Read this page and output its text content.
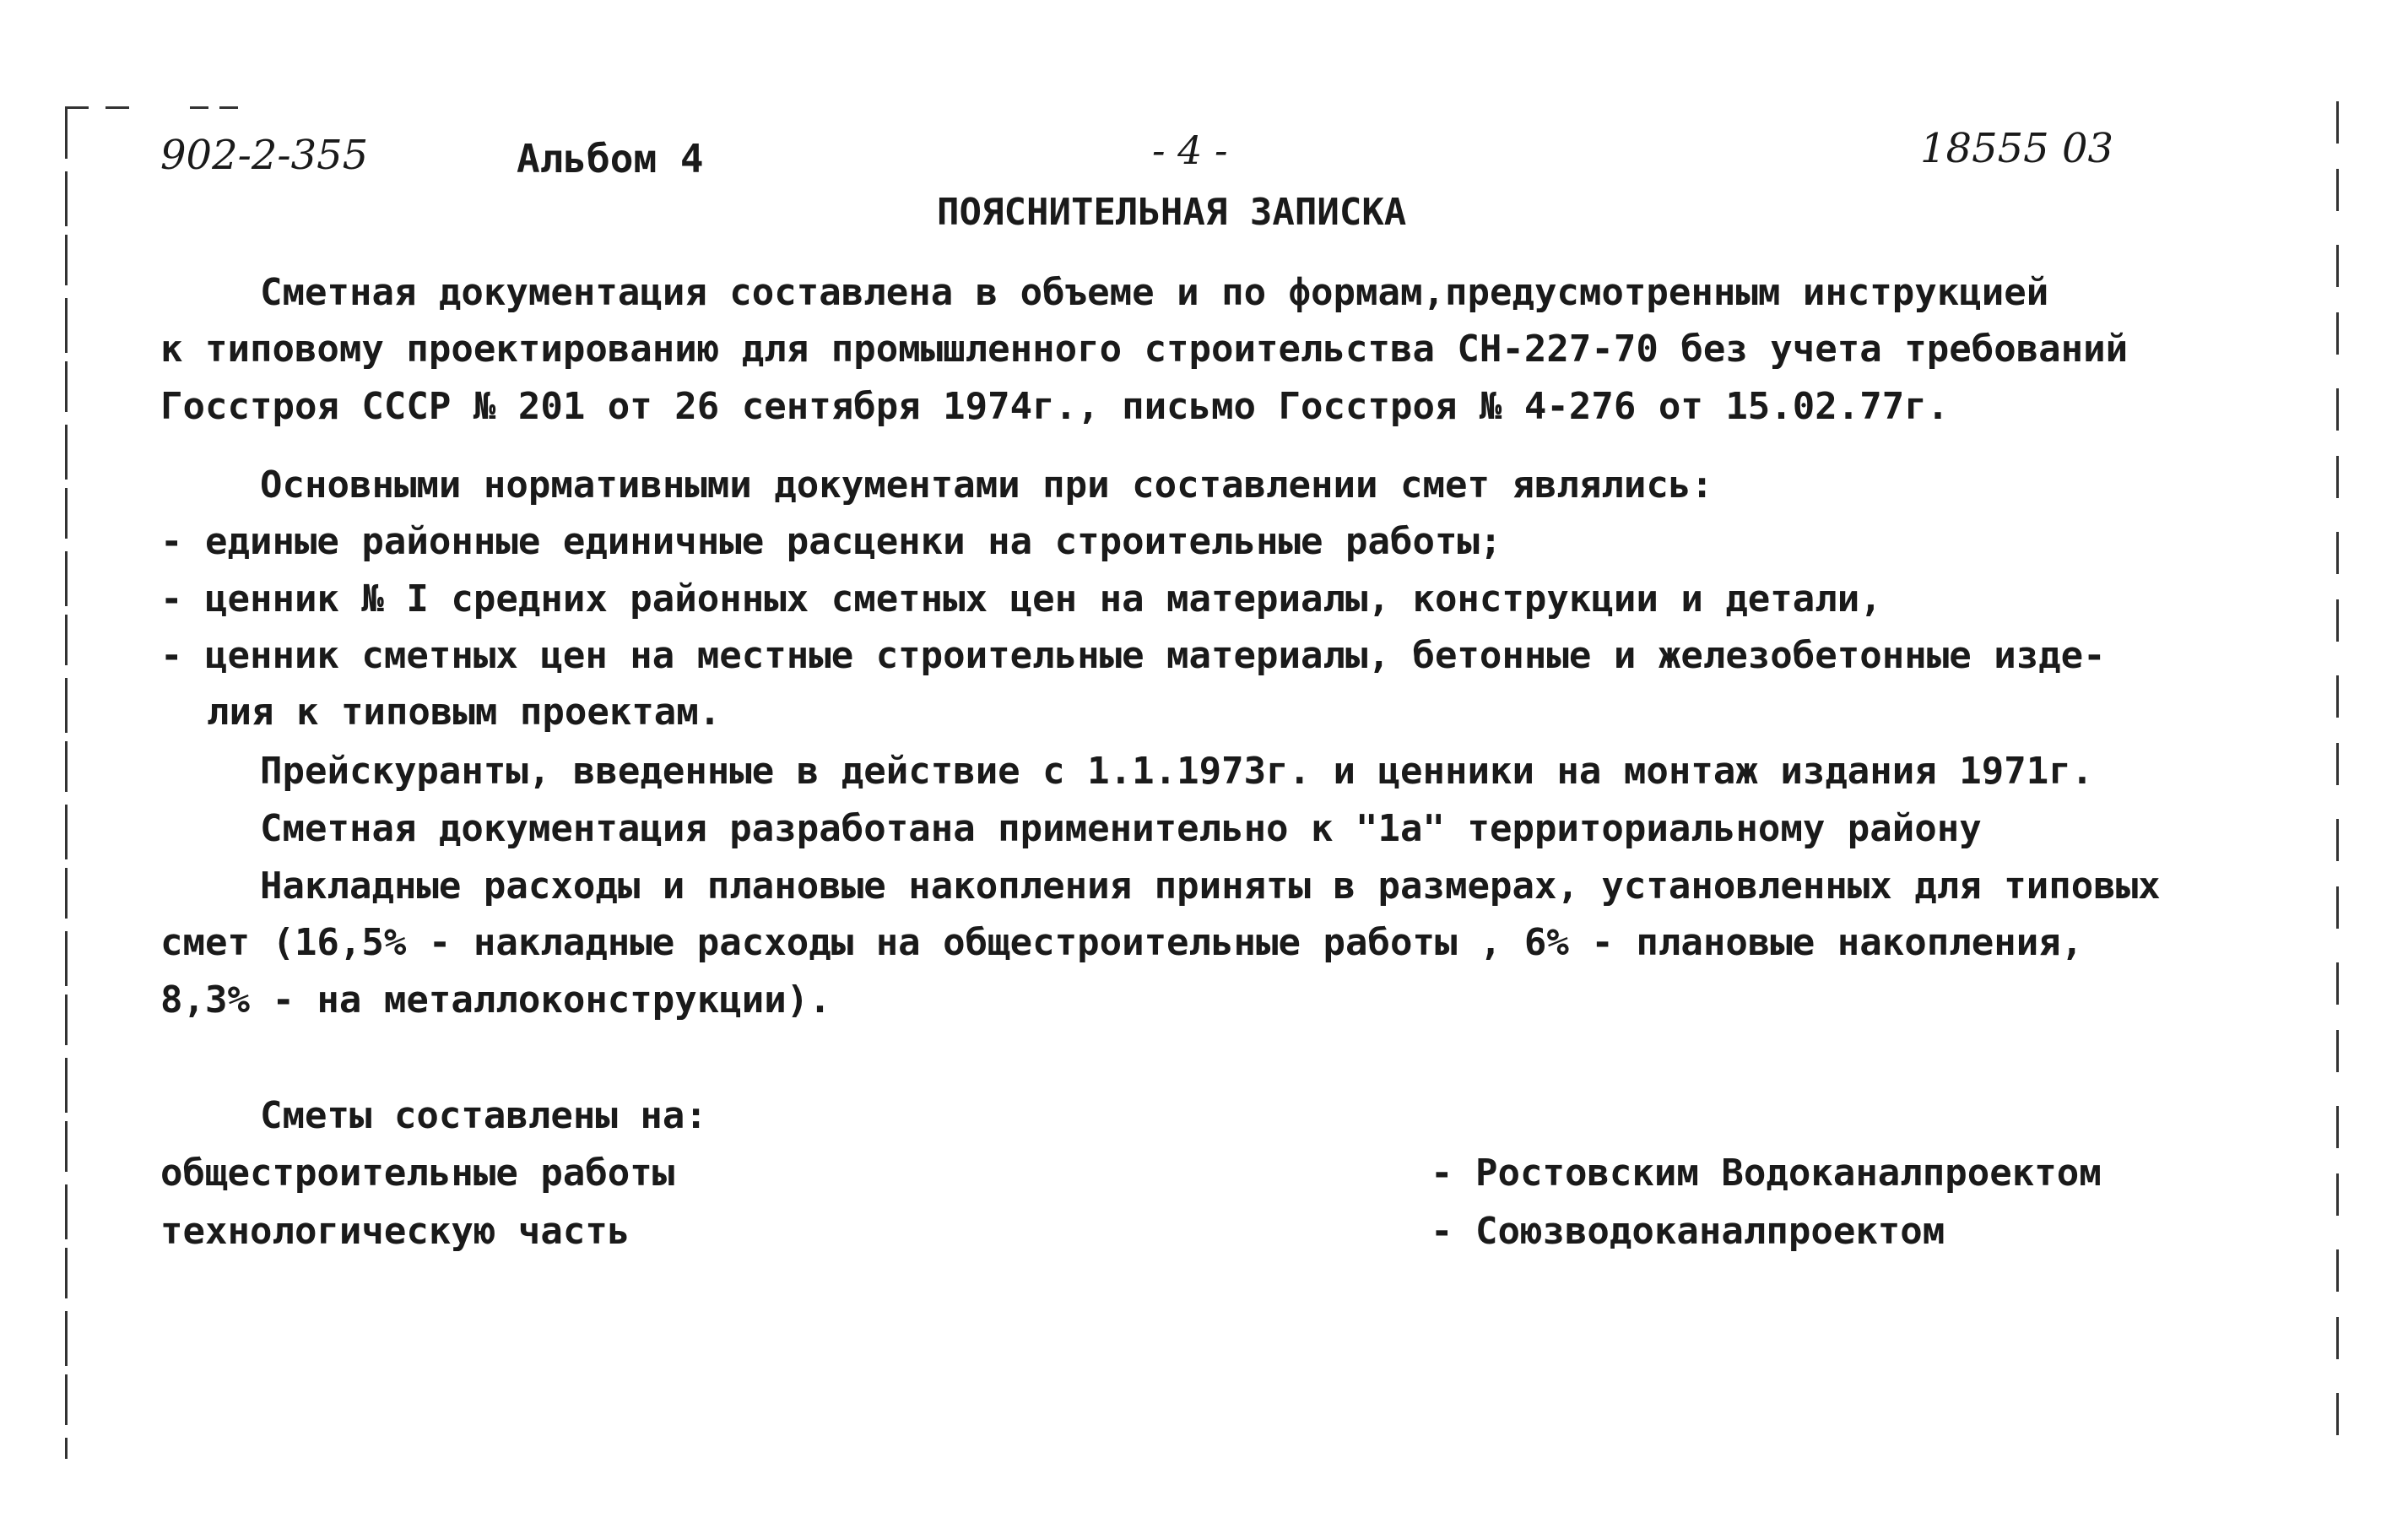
902-2-355	Альбом 4	- 4 -	18555 03
ПОЯСНИТЕЛЬНАЯ ЗАПИСКА
Сметная документация составлена в объеме и по формам,предусмотренным инструкцией
к типовому проектированию для промышленного строительства СН-227-70 без учета требований
Госстроя СССР № 201 от 26 сентября 1974г., письмо Госстроя № 4-276 от 15.02.77г.
Основными нормативными документами при составлении смет являлись:
- единые районные единичные расценки на строительные работы;
- ценник № I средних районных сметных цен на материалы, конструкции и детали,
- ценник сметных цен на местные строительные материалы, бетонные и железобетонные изде-
лия к типовым проектам.
Прейскуранты, введенные в действие с 1.1.1973г. и ценники на монтаж издания 1971г.
Сметная документация разработана применительно к "1а" территориальному району
Накладные расходы и плановые накопления приняты в размерах, установленных для типовых
смет (16,5% - накладные расходы на общестроительные работы , 6% - плановые накопления,
8,3% - на металлоконструкции).
Сметы составлены на:
общестроительные работы	- Ростовским Водоканалпроектом
технологическую часть	- Союзводоканалпроектом
